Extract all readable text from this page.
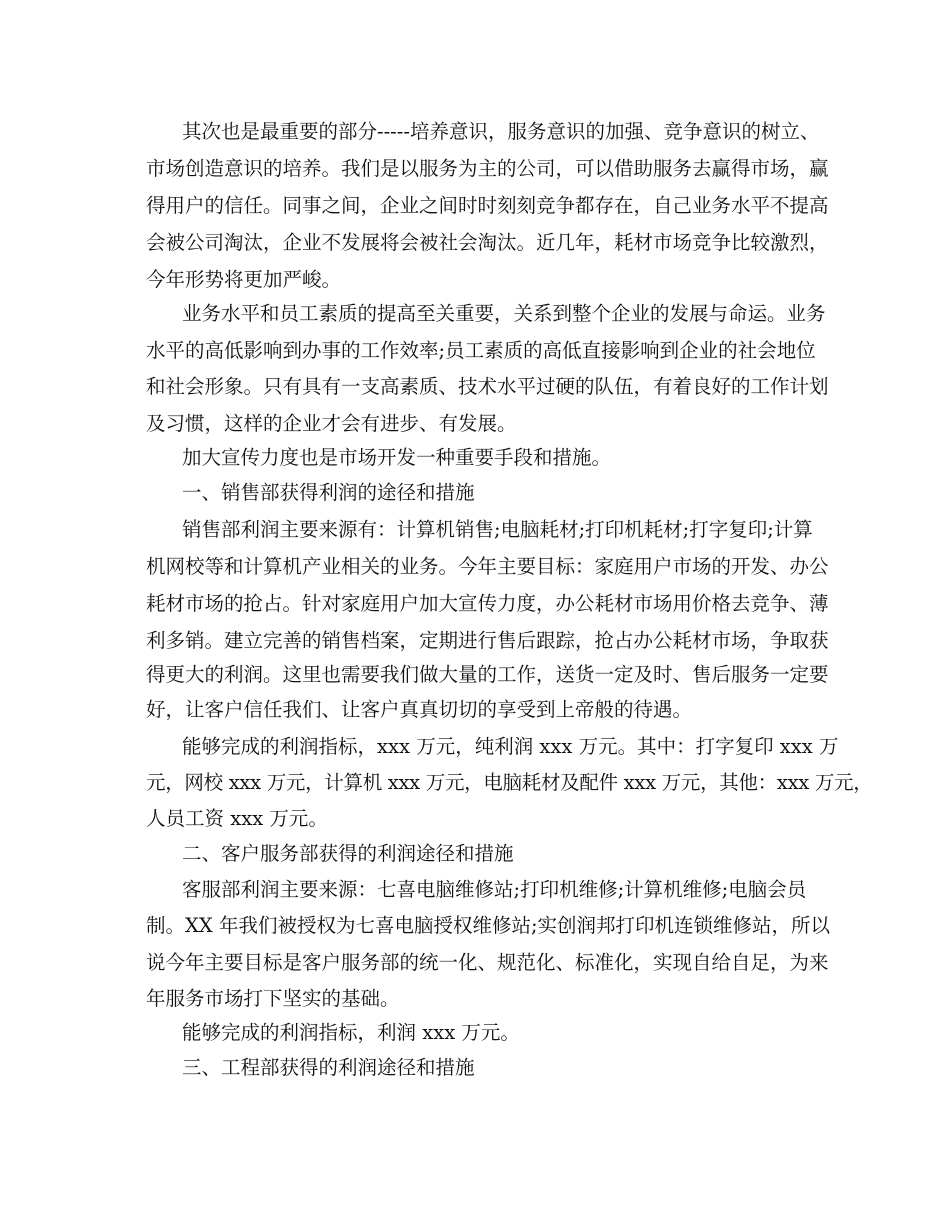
其次也是最重要的部分-----培养意识，服务意识的加强、竞争意识的树立、
市场创造意识的培养。我们是以服务为主的公司，可以借助服务去赢得市场，赢
得用户的信任。同事之间，企业之间时时刻刻竞争都存在，自己业务水平不提高
会被公司淘汰，企业不发展将会被社会淘汰。近几年，耗材市场竞争比较激烈，
今年形势将更加严峻。
业务水平和员工素质的提高至关重要，关系到整个企业的发展与命运。业务
水平的高低影响到办事的工作效率;员工素质的高低直接影响到企业的社会地位
和社会形象。只有具有一支高素质、技术水平过硬的队伍，有着良好的工作计划
及习惯，这样的企业才会有进步、有发展。
加大宣传力度也是市场开发一种重要手段和措施。
一、销售部获得利润的途径和措施
销售部利润主要来源有：计算机销售;电脑耗材;打印机耗材;打字复印;计算
机网校等和计算机产业相关的业务。今年主要目标：家庭用户市场的开发、办公
耗材市场的抢占。针对家庭用户加大宣传力度，办公耗材市场用价格去竞争、薄
利多销。建立完善的销售档案，定期进行售后跟踪，抢占办公耗材市场，争取获
得更大的利润。这里也需要我们做大量的工作，送货一定及时、售后服务一定要
好，让客户信任我们、让客户真真切切的享受到上帝般的待遇。
能够完成的利润指标，xxx 万元，纯利润 xxx 万元。其中：打字复印 xxx 万
元，网校 xxx 万元，计算机 xxx 万元，电脑耗材及配件 xxx 万元，其他：xxx 万元，
人员工资 xxx 万元。
二、客户服务部获得的利润途径和措施
客服部利润主要来源：七喜电脑维修站;打印机维修;计算机维修;电脑会员
制。XX 年我们被授权为七喜电脑授权维修站;实创润邦打印机连锁维修站，所以
说今年主要目标是客户服务部的统一化、规范化、标准化，实现自给自足，为来
年服务市场打下坚实的基础。
能够完成的利润指标，利润 xxx 万元。
三、工程部获得的利润途径和措施
